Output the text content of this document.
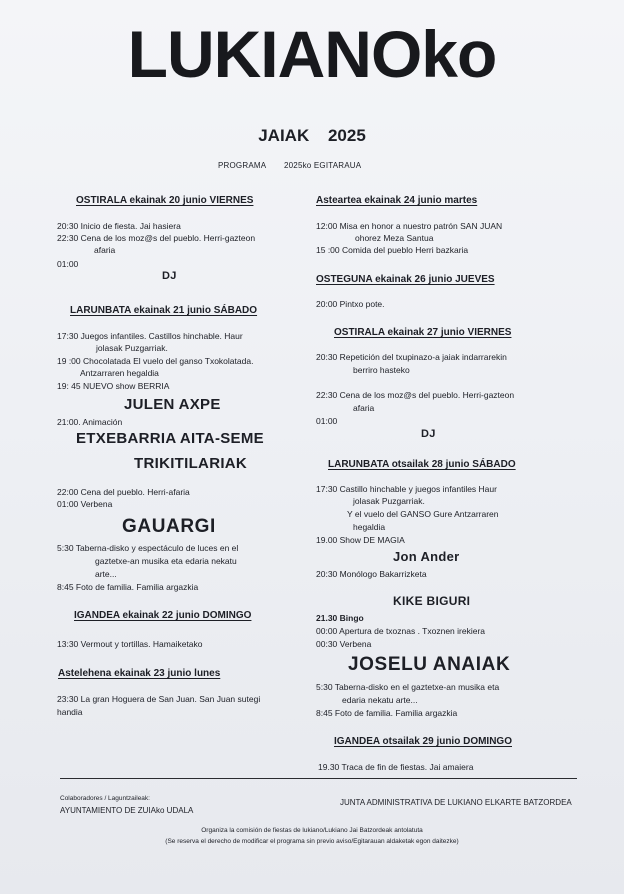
LUKIANOko
JAIAK 2025
PROGRAMA 2025ko EGITARAUA
OSTIRALA ekainak 20 junio VIERNES
20:30 Inicio de fiesta. Jai hasiera
22:30 Cena de los moz@s del pueblo. Herri-gazteon
afaria
01:00
DJ
LARUNBATA ekainak 21 junio SÁBADO
17:30 Juegos infantiles. Castillos hinchable. Haur
jolasak Puzgarriak.
19 :00 Chocolatada El vuelo del ganso Txokolatada.
Antzarraren hegaldia
19: 45 NUEVO show BERRIA
JULEN AXPE
21:00. Animación
ETXEBARRIA AITA-SEME
TRIKITILARIAK
22:00 Cena del pueblo. Herri-afaria
01:00 Verbena
GAUARGI
5:30 Taberna-disko y espectáculo de luces en el
gaztetxe-an musika eta edaria nekatu
arte...
8:45 Foto de familia. Familia argazkia
IGANDEA ekainak 22 junio DOMINGO
13:30 Vermout y tortillas. Hamaiketako
Astelehena ekainak 23 junio lunes
23:30 La gran Hoguera de San Juan. San Juan sutegi
handia
Asteartea ekainak 24 junio martes
12:00 Misa en honor a nuestro patrón SAN JUAN
ohorez Meza Santua
15 :00 Comida del pueblo Herri bazkaria
OSTEGUNA ekainak 26 junio JUEVES
20:00 Pintxo pote.
OSTIRALA ekainak 27 junio VIERNES
20:30 Repetición del txupinazo-a jaiak indarrarekin
berriro hasteko
22:30 Cena de los moz@s del pueblo. Herri-gazteon
afaria
01:00
DJ
LARUNBATA otsailak 28 junio SÁBADO
17:30 Castillo hinchable y juegos infantiles Haur
jolasak Puzgarriak.
Y el vuelo del GANSO Gure Antzarraren
hegaldia
19.00 Show DE MAGIA
Jon Ander
20:30 Monólogo Bakarrizketa
KIKE BIGURI
21.30 Bingo
00:00 Apertura de txoznas . Txoznen irekiera
00:30 Verbena
JOSELU ANAIAK
5:30 Taberna-disko en el gaztetxe-an musika eta
edaria nekatu arte...
8:45 Foto de familia. Familia argazkia
IGANDEA otsailak 29 junio DOMINGO
19.30 Traca de fin de fiestas. Jai amaiera
Colaboradores / Laguntzaileak:
AYUNTAMIENTO DE ZUIAko UDALA
JUNTA ADMINISTRATIVA DE LUKIANO ELKARTE BATZORDEA
Organiza la comisión de fiestas de lukiano/Lukiano Jai Batzordeak antolatuta
(Se reserva el derecho de modificar el programa sin previo aviso/Egitarauan aldaketak egon daitezke)
